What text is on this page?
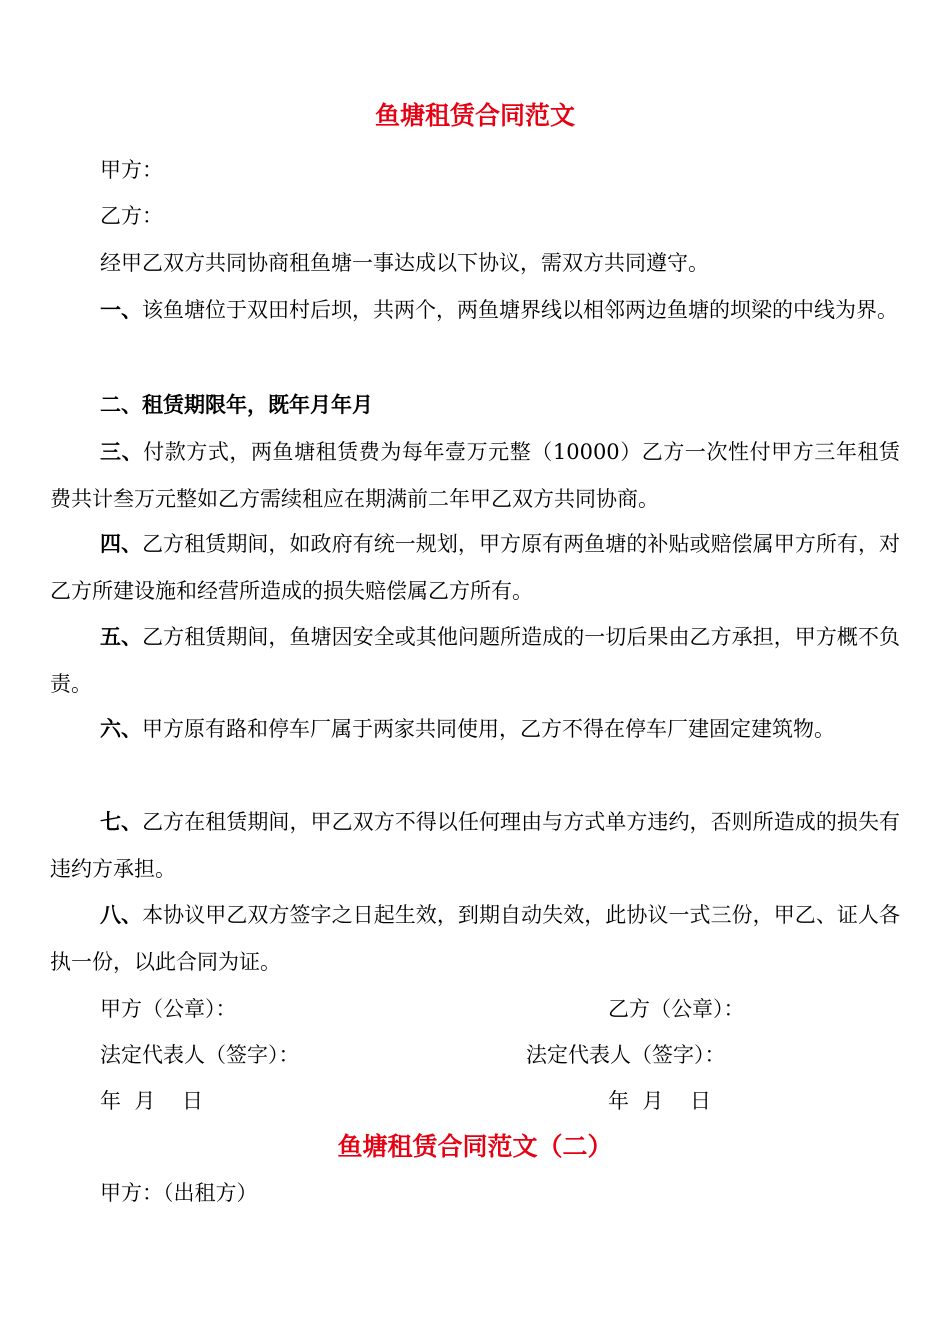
鱼塘租赁合同范文
甲方：
乙方：
经甲乙双方共同协商租鱼塘一事达成以下协议，需双方共同遵守。

一、该鱼塘位于双田村后坝，共两个，两鱼塘界线以相邻两边鱼塘的坝梁的中线为界。

二、租赁期限年，既年月年月

三、付款方式，两鱼塘租赁费为每年壹万元整（10000）乙方一次性付甲方三年租赁费共计叁万元整如乙方需续租应在期满前二年甲乙双方共同协商。

四、乙方租赁期间，如政府有统一规划，甲方原有两鱼塘的补贴或赔偿属甲方所有，对乙方所建设施和经营所造成的损失赔偿属乙方所有。

五、乙方租赁期间，鱼塘因安全或其他问题所造成的一切后果由乙方承担，甲方概不负责。

六、甲方原有路和停车厂属于两家共同使用，乙方不得在停车厂建固定建筑物。

七、乙方在租赁期间，甲乙双方不得以任何理由与方式单方违约，否则所造成的损失有违约方承担。

八、本协议甲乙双方签字之日起生效，到期自动失效，此协议一式三份，甲乙、证人各执一份，以此合同为证。

甲方（公章）：	乙方（公章）：
法定代表人（签字）：	法定代表人（签字）：
年  月    日	年  月    日
鱼塘租赁合同范文（二）
甲方：（出租方）
